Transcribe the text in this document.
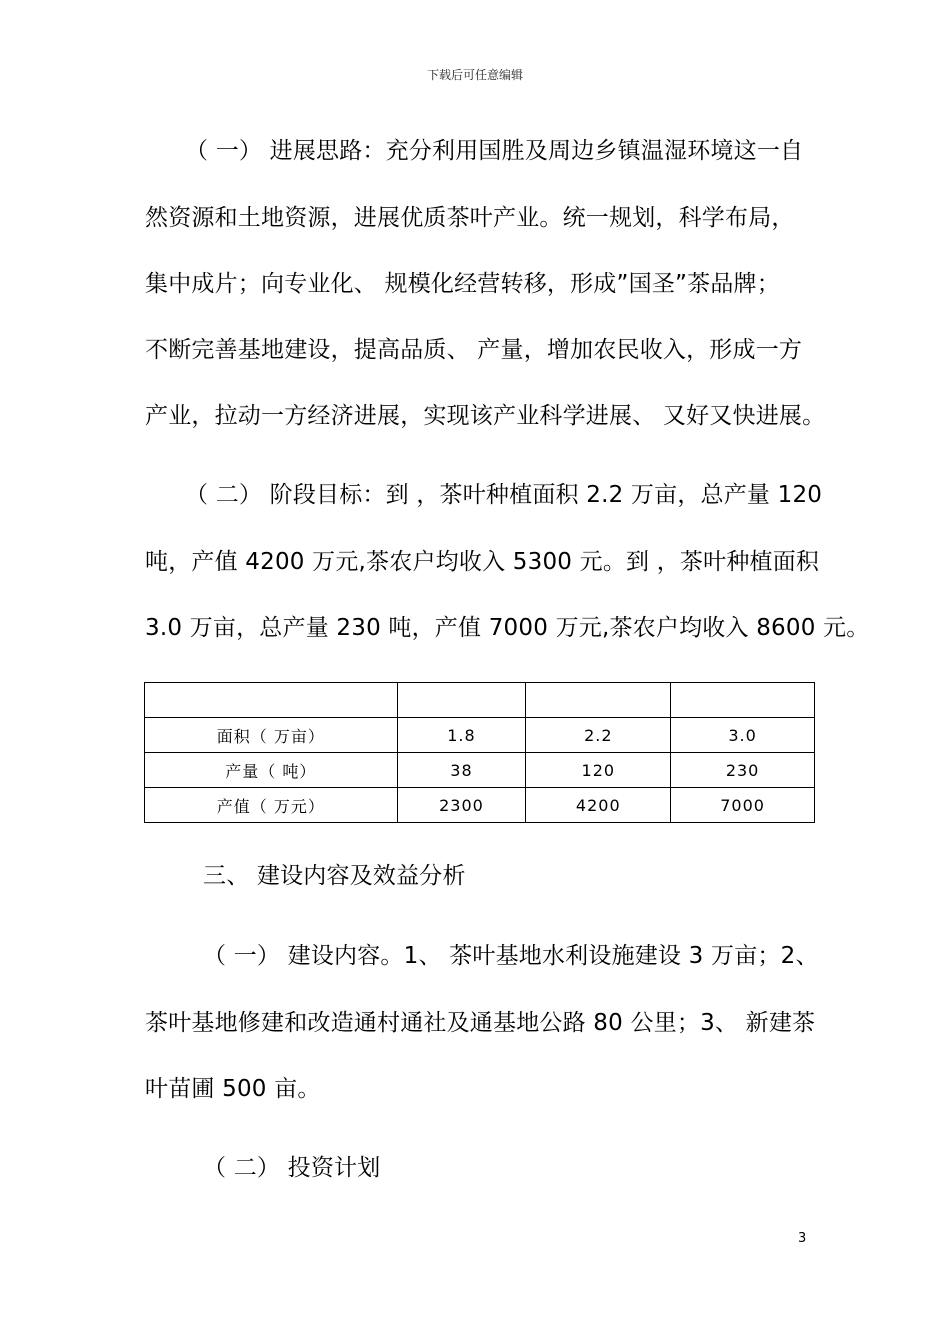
下载后可任意编辑
（ 一） 进展思路：充分利用国胜及周边乡镇温湿环境这一自
然资源和土地资源，进展优质茶叶产业。统一规划，科学布局，
集中成片；向专业化、 规模化经营转移，形成”国圣”茶品牌；
不断完善基地建设，提高品质、 产量，增加农民收入，形成一方
产业，拉动一方经济进展，实现该产业科学进展、 又好又快进展。
（ 二） 阶段目标：到 ，茶叶种植面积 2.2 万亩，总产量 120
吨，产值 4200 万元,茶农户均收入 5300 元。到 ，茶叶种植面积
3.0 万亩，总产量 230 吨，产值 7000 万元,茶农户均收入 8600 元。

面积（ 万亩）	1.8	2.2	3.0
产量（ 吨）	38	120	230
产值（ 万元）	2300	4200	7000
三、 建设内容及效益分析
（ 一） 建设内容。1、 茶叶基地水利设施建设 3 万亩；2、
茶叶基地修建和改造通村通社及通基地公路 80 公里；3、 新建茶
叶苗圃 500 亩。
（ 二） 投资计划
3
